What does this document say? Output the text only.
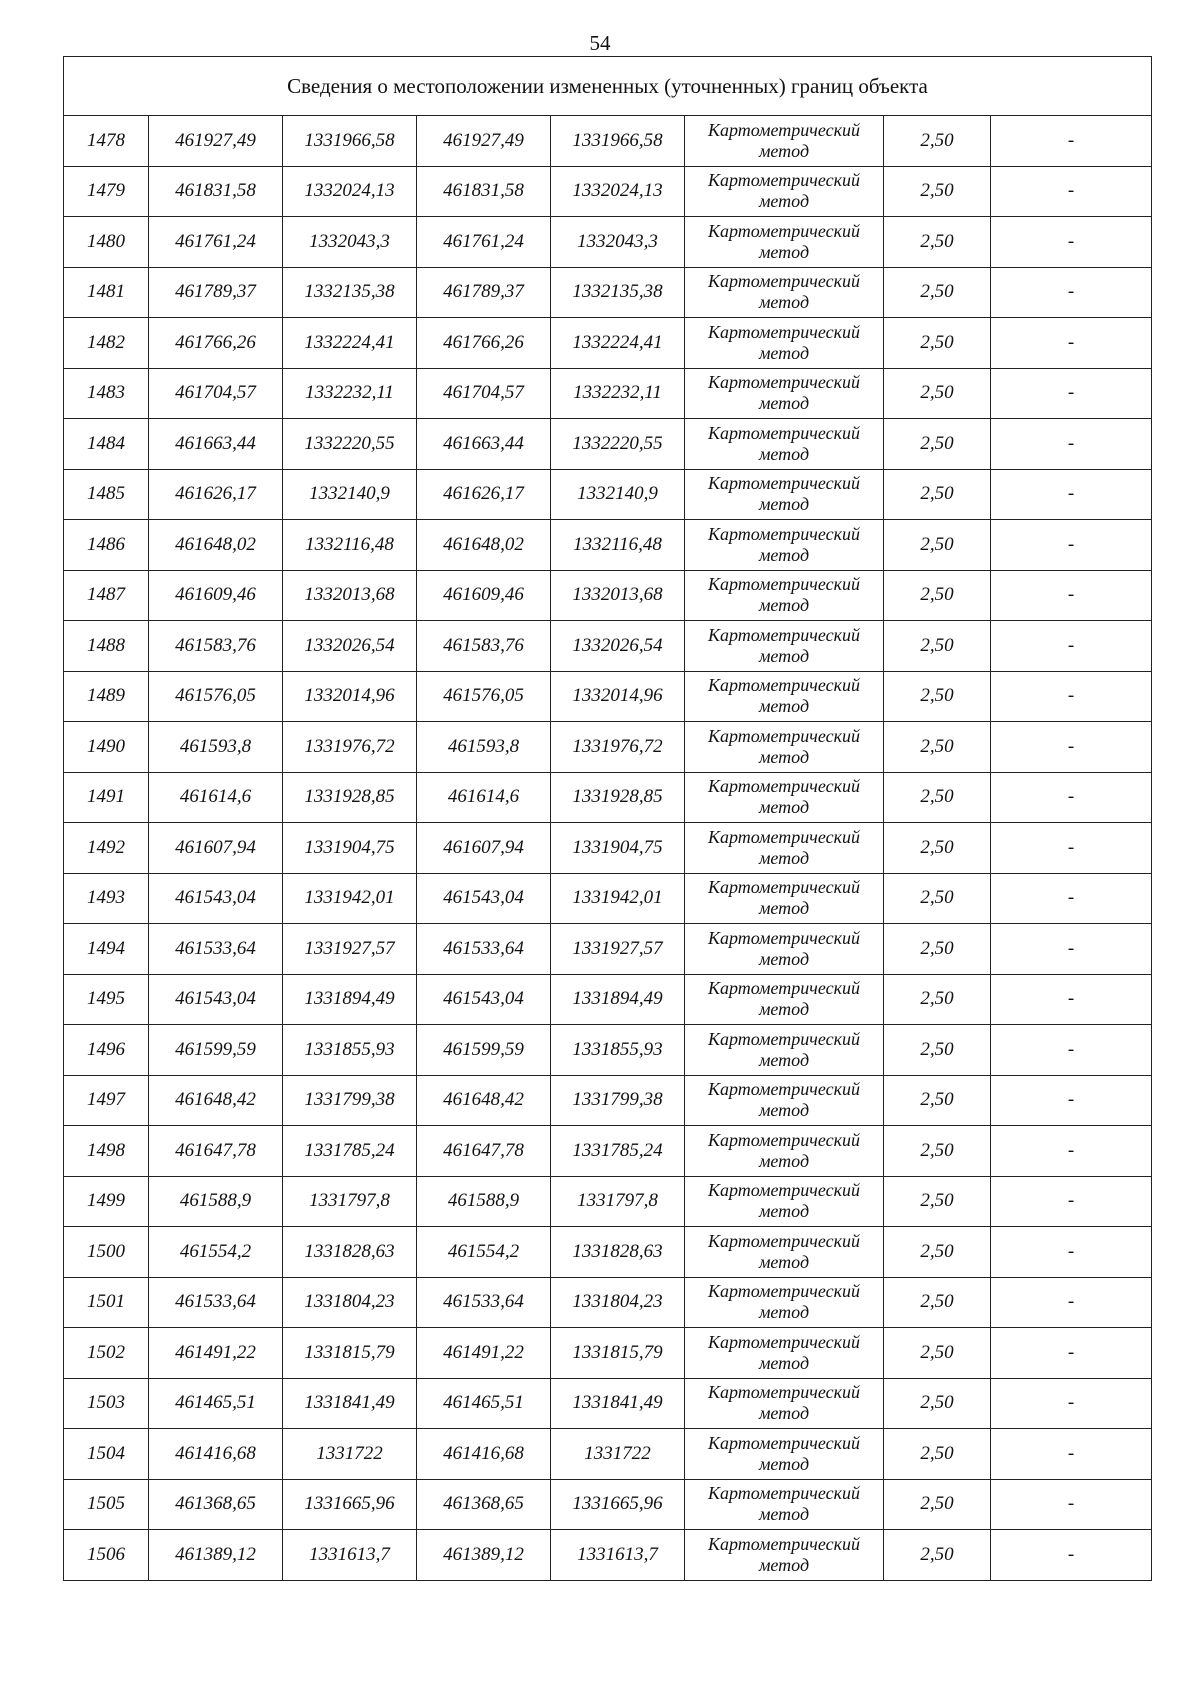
54
Сведения о местоположении измененных (уточненных) границ объекта							
1478	461927,49	1331966,58	461927,49	1331966,58	Картометрический метод	2,50	-
1479	461831,58	1332024,13	461831,58	1332024,13	Картометрический метод	2,50	-
1480	461761,24	1332043,3	461761,24	1332043,3	Картометрический метод	2,50	-
1481	461789,37	1332135,38	461789,37	1332135,38	Картометрический метод	2,50	-
1482	461766,26	1332224,41	461766,26	1332224,41	Картометрический метод	2,50	-
1483	461704,57	1332232,11	461704,57	1332232,11	Картометрический метод	2,50	-
1484	461663,44	1332220,55	461663,44	1332220,55	Картометрический метод	2,50	-
1485	461626,17	1332140,9	461626,17	1332140,9	Картометрический метод	2,50	-
1486	461648,02	1332116,48	461648,02	1332116,48	Картометрический метод	2,50	-
1487	461609,46	1332013,68	461609,46	1332013,68	Картометрический метод	2,50	-
1488	461583,76	1332026,54	461583,76	1332026,54	Картометрический метод	2,50	-
1489	461576,05	1332014,96	461576,05	1332014,96	Картометрический метод	2,50	-
1490	461593,8	1331976,72	461593,8	1331976,72	Картометрический метод	2,50	-
1491	461614,6	1331928,85	461614,6	1331928,85	Картометрический метод	2,50	-
1492	461607,94	1331904,75	461607,94	1331904,75	Картометрический метод	2,50	-
1493	461543,04	1331942,01	461543,04	1331942,01	Картометрический метод	2,50	-
1494	461533,64	1331927,57	461533,64	1331927,57	Картометрический метод	2,50	-
1495	461543,04	1331894,49	461543,04	1331894,49	Картометрический метод	2,50	-
1496	461599,59	1331855,93	461599,59	1331855,93	Картометрический метод	2,50	-
1497	461648,42	1331799,38	461648,42	1331799,38	Картометрический метод	2,50	-
1498	461647,78	1331785,24	461647,78	1331785,24	Картометрический метод	2,50	-
1499	461588,9	1331797,8	461588,9	1331797,8	Картометрический метод	2,50	-
1500	461554,2	1331828,63	461554,2	1331828,63	Картометрический метод	2,50	-
1501	461533,64	1331804,23	461533,64	1331804,23	Картометрический метод	2,50	-
1502	461491,22	1331815,79	461491,22	1331815,79	Картометрический метод	2,50	-
1503	461465,51	1331841,49	461465,51	1331841,49	Картометрический метод	2,50	-
1504	461416,68	1331722	461416,68	1331722	Картометрический метод	2,50	-
1505	461368,65	1331665,96	461368,65	1331665,96	Картометрический метод	2,50	-
1506	461389,12	1331613,7	461389,12	1331613,7	Картометрический метод	2,50	-
